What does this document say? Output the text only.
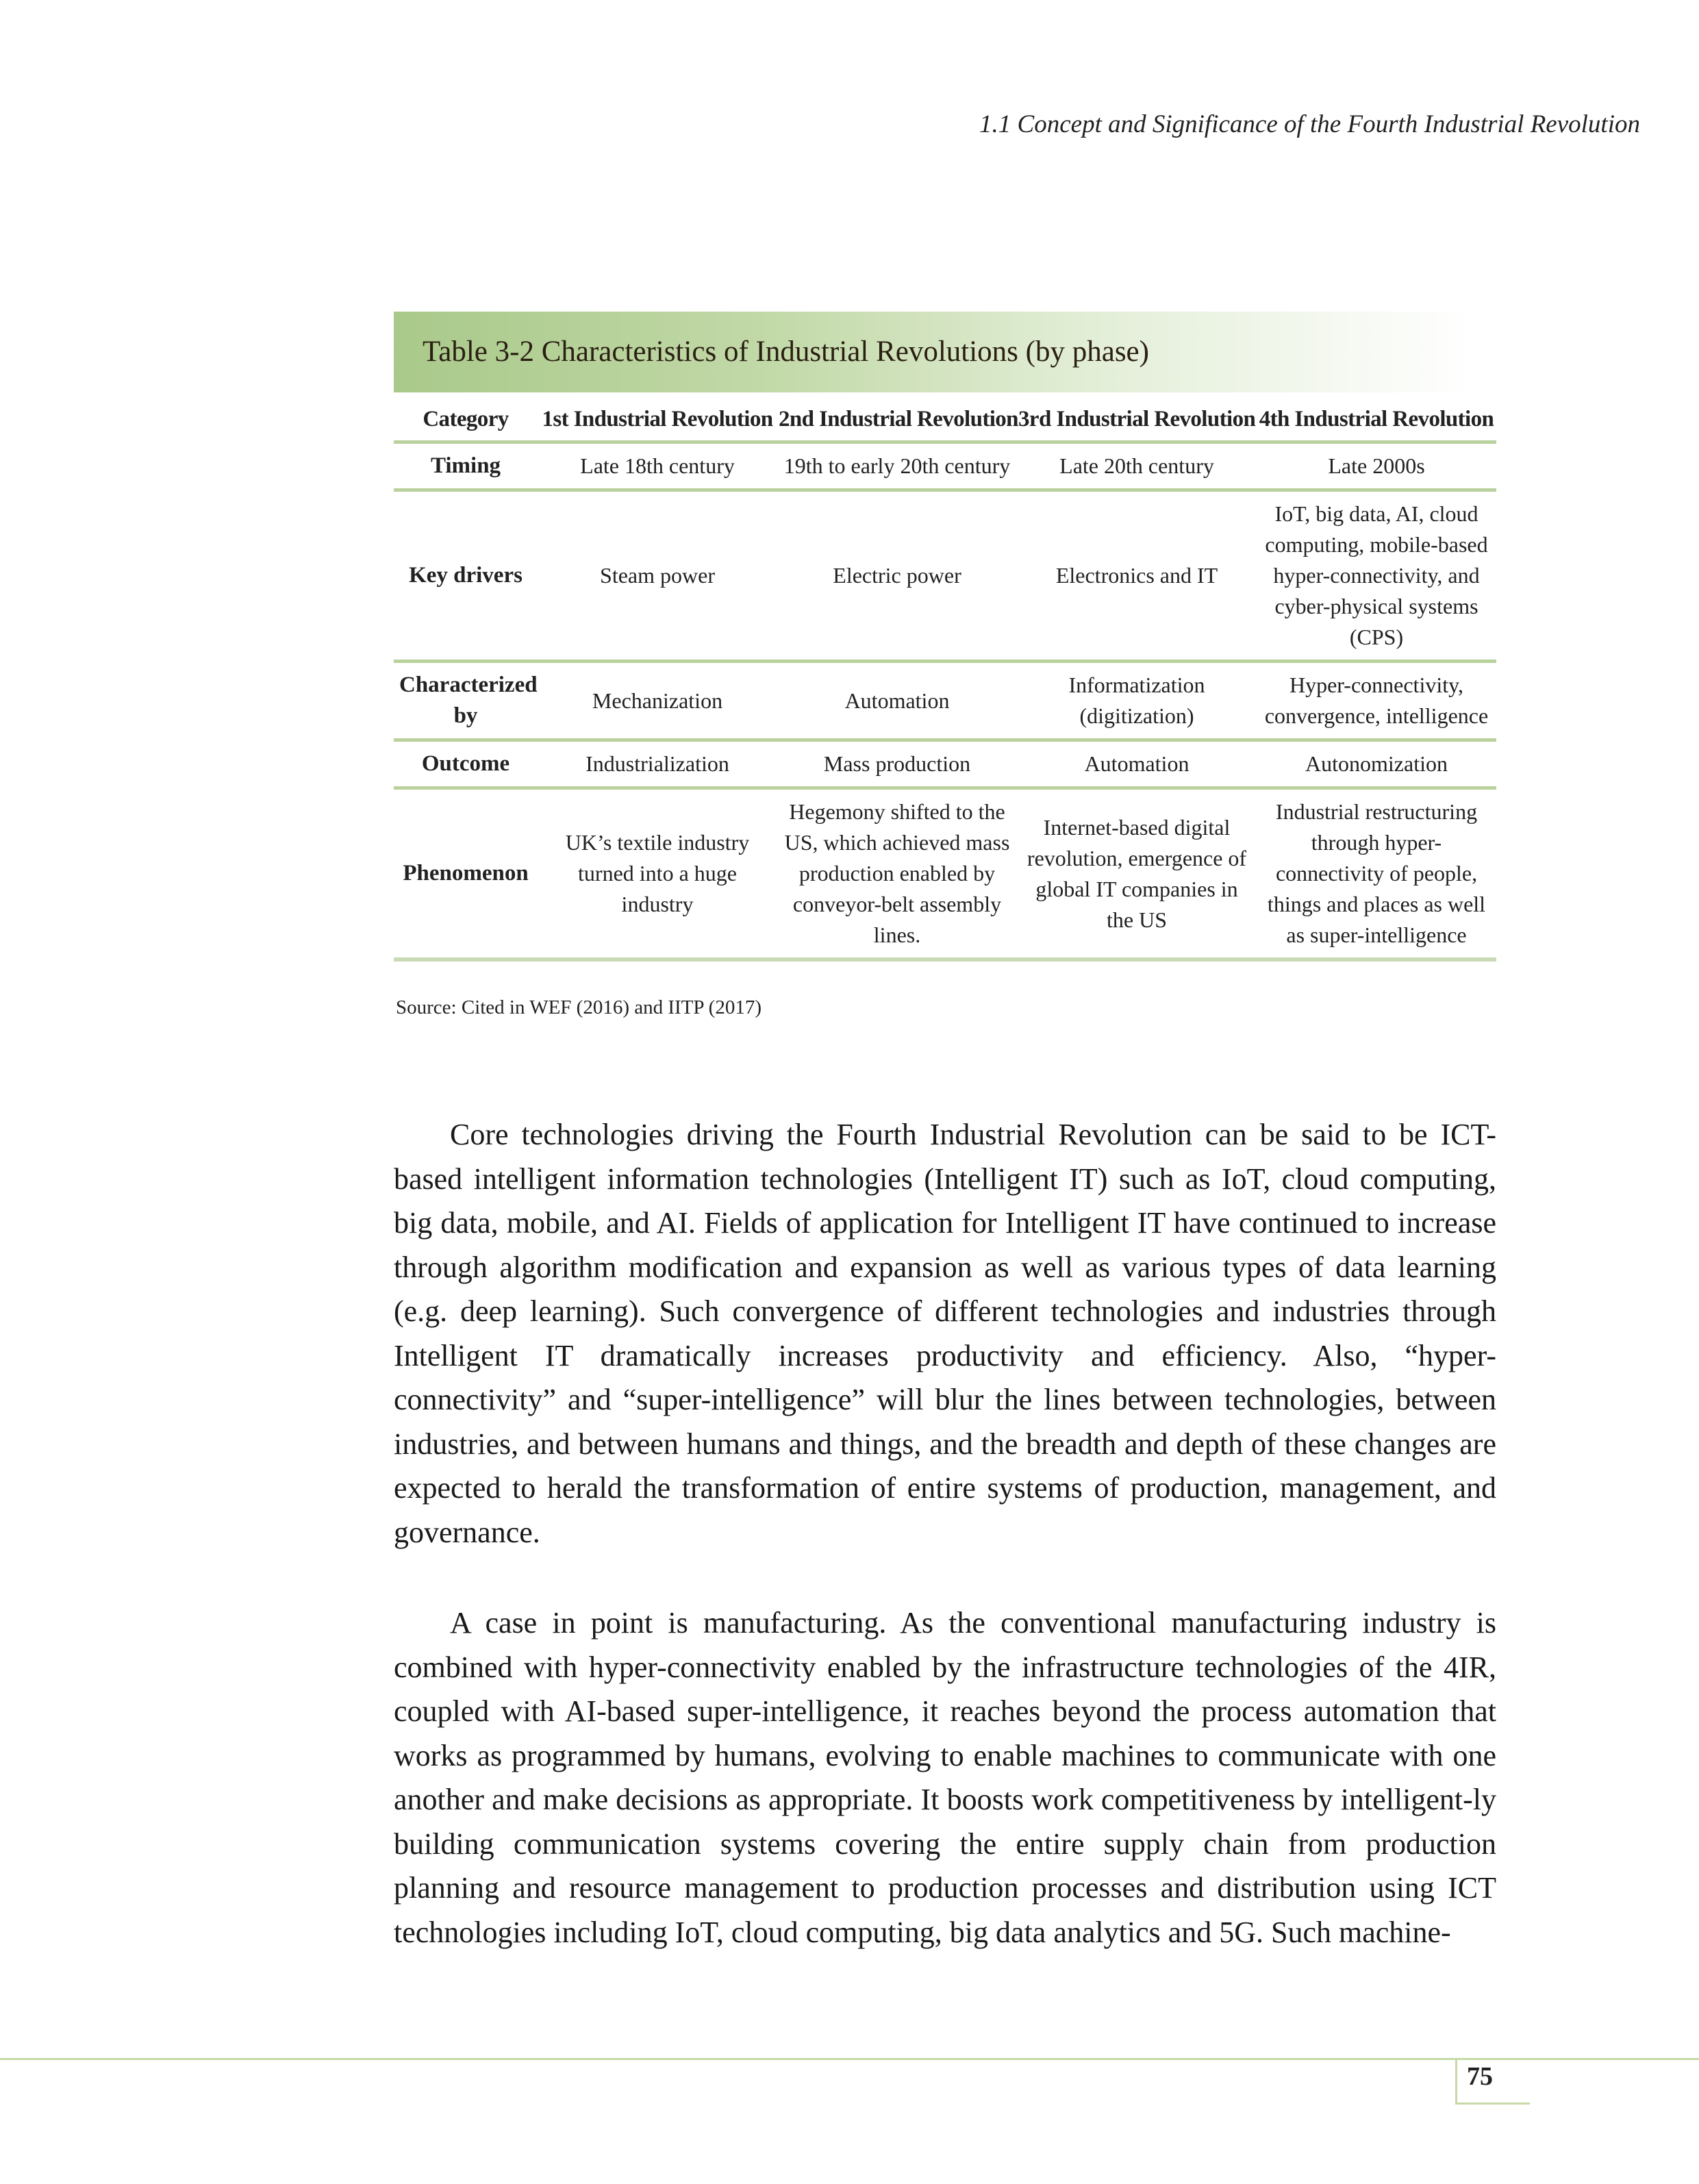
1.1 Concept and Significance of the Fourth Industrial Revolution
Table 3-2 Characteristics of Industrial Revolutions (by phase)
Category	1st Industrial Revolution	2nd Industrial Revolution	3rd Industrial Revolution	4th Industrial Revolution
Timing	Late 18th century	19th to early 20th century	Late 20th century	Late 2000s
Key drivers	Steam power	Electric power	Electronics and IT	IoT, big data, AI, cloud computing, mobile-based hyper-connectivity, and cyber-physical systems (CPS)
Characterized by	Mechanization	Automation	Informatization (digitization)	Hyper-connectivity, convergence, intelligence
Outcome	Industrialization	Mass production	Automation	Autonomization
Phenomenon	UK’s textile industry turned into a huge industry	Hegemony shifted to the US, which achieved mass production enabled by conveyor-belt assembly lines.	Internet-based digital revolution, emergence of global IT companies in the US	Industrial restructuring through hyper-connectivity of people, things and places as well as super-intelligence
Source: Cited in WEF (2016) and IITP (2017)

Core technologies driving the Fourth Industrial Revolution can be said to be ICT-based intelligent information technologies (Intelligent IT) such as IoT, cloud computing, big data, mobile, and AI. Fields of application for Intelligent IT have continued to increase through algorithm modification and expansion as well as various types of data learning (e.g. deep learning). Such convergence of different technologies and industries through Intelligent IT dramatically increases productivity and efficiency. Also, “hyper-connectivity” and “super-intelligence” will blur the lines between technologies, between industries, and between humans and things, and the breadth and depth of these changes are expected to herald the transformation of entire systems of production, management, and governance.

A case in point is manufacturing. As the conventional manufacturing industry is combined with hyper-connectivity enabled by the infrastructure technologies of the 4IR, coupled with AI-based super-intelligence, it reaches beyond the process automation that works as programmed by humans, evolving to enable machines to communicate with one another and make decisions as appropriate. It boosts work competitiveness by intelligent-ly building communication systems covering the entire supply chain from production planning and resource management to production processes and distribution using ICT technologies including IoT, cloud computing, big data analytics and 5G. Such machine-

75
